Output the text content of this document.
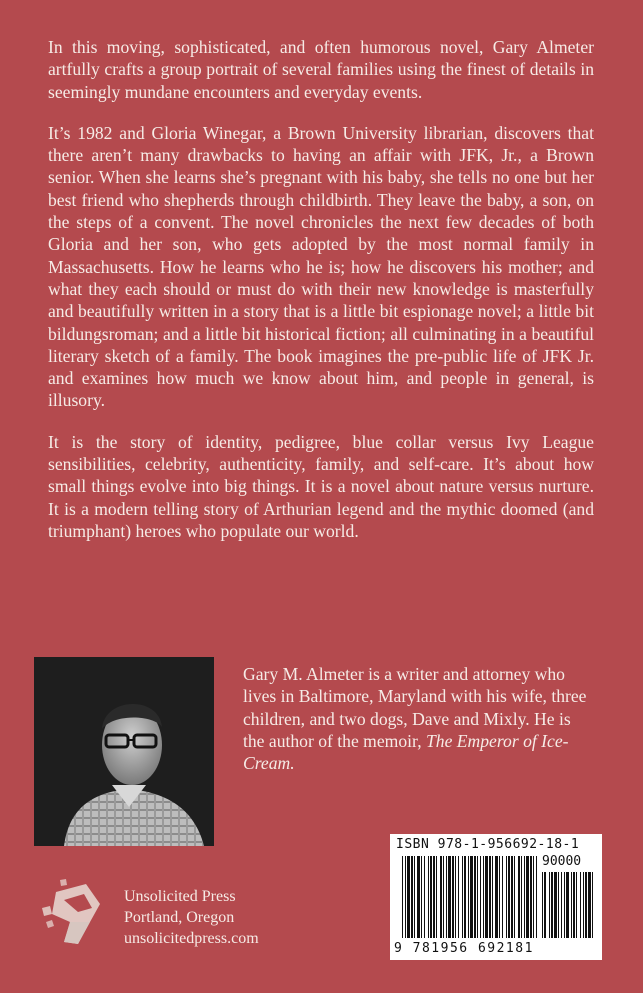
In this moving, sophisticated, and often humorous novel, Gary Almeter artfully crafts a group portrait of several families using the finest of details in seemingly mundane encounters and everyday events.

It’s 1982 and Gloria Winegar, a Brown University librarian, discovers that there aren’t many drawbacks to having an affair with JFK, Jr., a Brown senior. When she learns she’s pregnant with his baby, she tells no one but her best friend who shepherds through childbirth. They leave the baby, a son, on the steps of a convent. The novel chronicles the next few decades of both Gloria and her son, who gets adopted by the most normal family in Massachusetts. How he learns who he is; how he discovers his mother; and what they each should or must do with their new knowledge is masterfully and beautifully written in a story that is a little bit espionage novel; a little bit bildungsroman; and a little bit historical fiction; all culminating in a beautiful literary sketch of a family. The book imagines the pre-public life of JFK Jr. and examines how much we know about him, and people in general, is illusory.

It is the story of identity, pedigree, blue collar versus Ivy League sensibilities, celebrity, authenticity, family, and self-care. It’s about how small things evolve into big things. It is a novel about nature versus nurture. It is a modern telling story of Arthurian legend and the mythic doomed (and triumphant) heroes who populate our world.

Gary M. Almeter is a writer and attorney who lives in Baltimore, Maryland with his wife, three children, and two dogs, Dave and Mixly. He is the author of the memoir, The Emperor of Ice-Cream.
ISBN 978-1-956692-18-1
90000
9 781956 692181
Unsolicited Press
Portland, Oregon
unsolicitedpress.com
